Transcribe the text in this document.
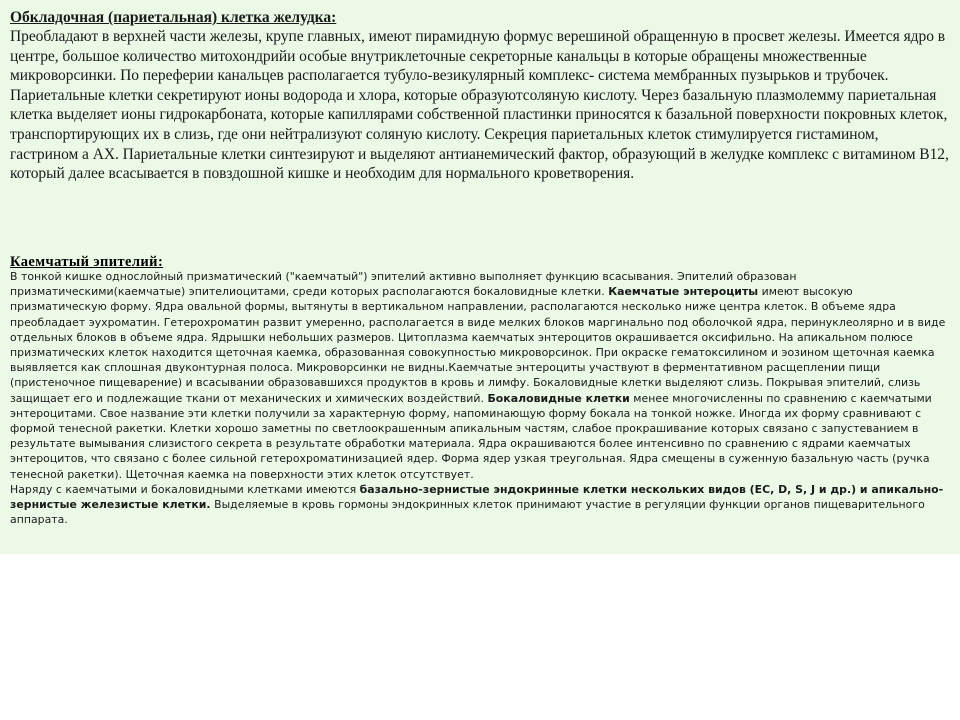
Обкладочная (париетальная) клетка желудка:

Преобладают в верхней части железы, крупе главных, имеют пирамидную формус верешиной обращенную в просвет железы. Имеется ядро в центре, большое количество митохондрийи особые внутриклеточные секреторные канальцы в которые обращены множественные микроворсинки. По переферии канальцев располагается тубуло-везикулярный комплекс- система мембранных пузырьков и трубочек. Париетальные клетки секретируют ионы водорода и хлора, которые образуютсоляную кислоту. Через базальную плазмолемму париетальная клетка выделяет ионы гидрокарбоната, которые капиллярами собственной пластинки приносятся к базальной поверхности покровных клеток, транспортирующих их в слизь, где они нейтрализуют соляную кислоту. Секреция париетальных клеток стимулируется гистамином, гастрином а АХ. Париетальные клетки синтезируют и выделяют антианемический фактор, образующий в желудке комплекс с витамином В12, который далее всасывается в повздошной кишке и необходим для нормального кроветворения.

Каемчатый эпителий:

В тонкой кишке однослойный призматический ("каемчатый") эпителий активно выполняет функцию всасывания. Эпителий образован призматическими(каемчатые) эпителиоцитами, среди которых располагаются бокаловидные клетки. Каемчатые энтероциты имеют высокую призматическую форму. Ядра овальной формы, вытянуты в вертикальном направлении, располагаются несколько ниже центра клеток. В объеме ядра преобладает эухроматин. Гетерохроматин развит умеренно, располагается в виде мелких блоков маргинально под оболочкой ядра, перинуклеолярно и в виде отдельных блоков в объеме ядра. Ядрышки небольших размеров. Цитоплазма каемчатых энтероцитов окрашивается оксифильно. На апикальном полюсе призматических клеток находится щеточная каемка, образованная совокупностью микроворсинок. При окраске гематоксилином и эозином щеточная каемка выявляется как сплошная двуконтурная полоса. Микроворсинки не видны.Каемчатые энтероциты участвуют в ферментативном расщеплении пищи (пристеночное пищеварение) и всасывании образовавшихся продуктов в кровь и лимфу. Бокаловидные клетки выделяют слизь. Покрывая эпителий, слизь защищает его и подлежащие ткани от механических и химических воздействий. Бокаловидные клетки менее многочисленны по сравнению с каемчатыми энтероцитами. Свое название эти клетки получили за характерную форму, напоминающую форму бокала на тонкой ножке. Иногда их форму сравнивают с формой тенесной ракетки. Клетки хорошо заметны по светлоокрашенным апикальным частям, слабое прокрашивание которых связано с запустеванием в результате вымывания слизистого секрета в результате обработки материала. Ядра окрашиваются более интенсивно по сравнению с ядрами каемчатых энтероцитов, что связано с более сильной гетерохроматинизацией ядер. Форма ядер узкая треугольная. Ядра смещены в суженную базальную часть (ручка тенесной ракетки). Щеточная каемка на поверхности этих клеток отсутствует.

Наряду с каемчатыми и бокаловидными клетками имеются базально-зернистые эндокринные клетки нескольких видов (ЕС, D, S, J и др.) и апикально-зернистые железистые клетки. Выделяемые в кровь гормоны эндокринных клеток принимают участие в регуляции функции органов пищеварительного аппарата.
